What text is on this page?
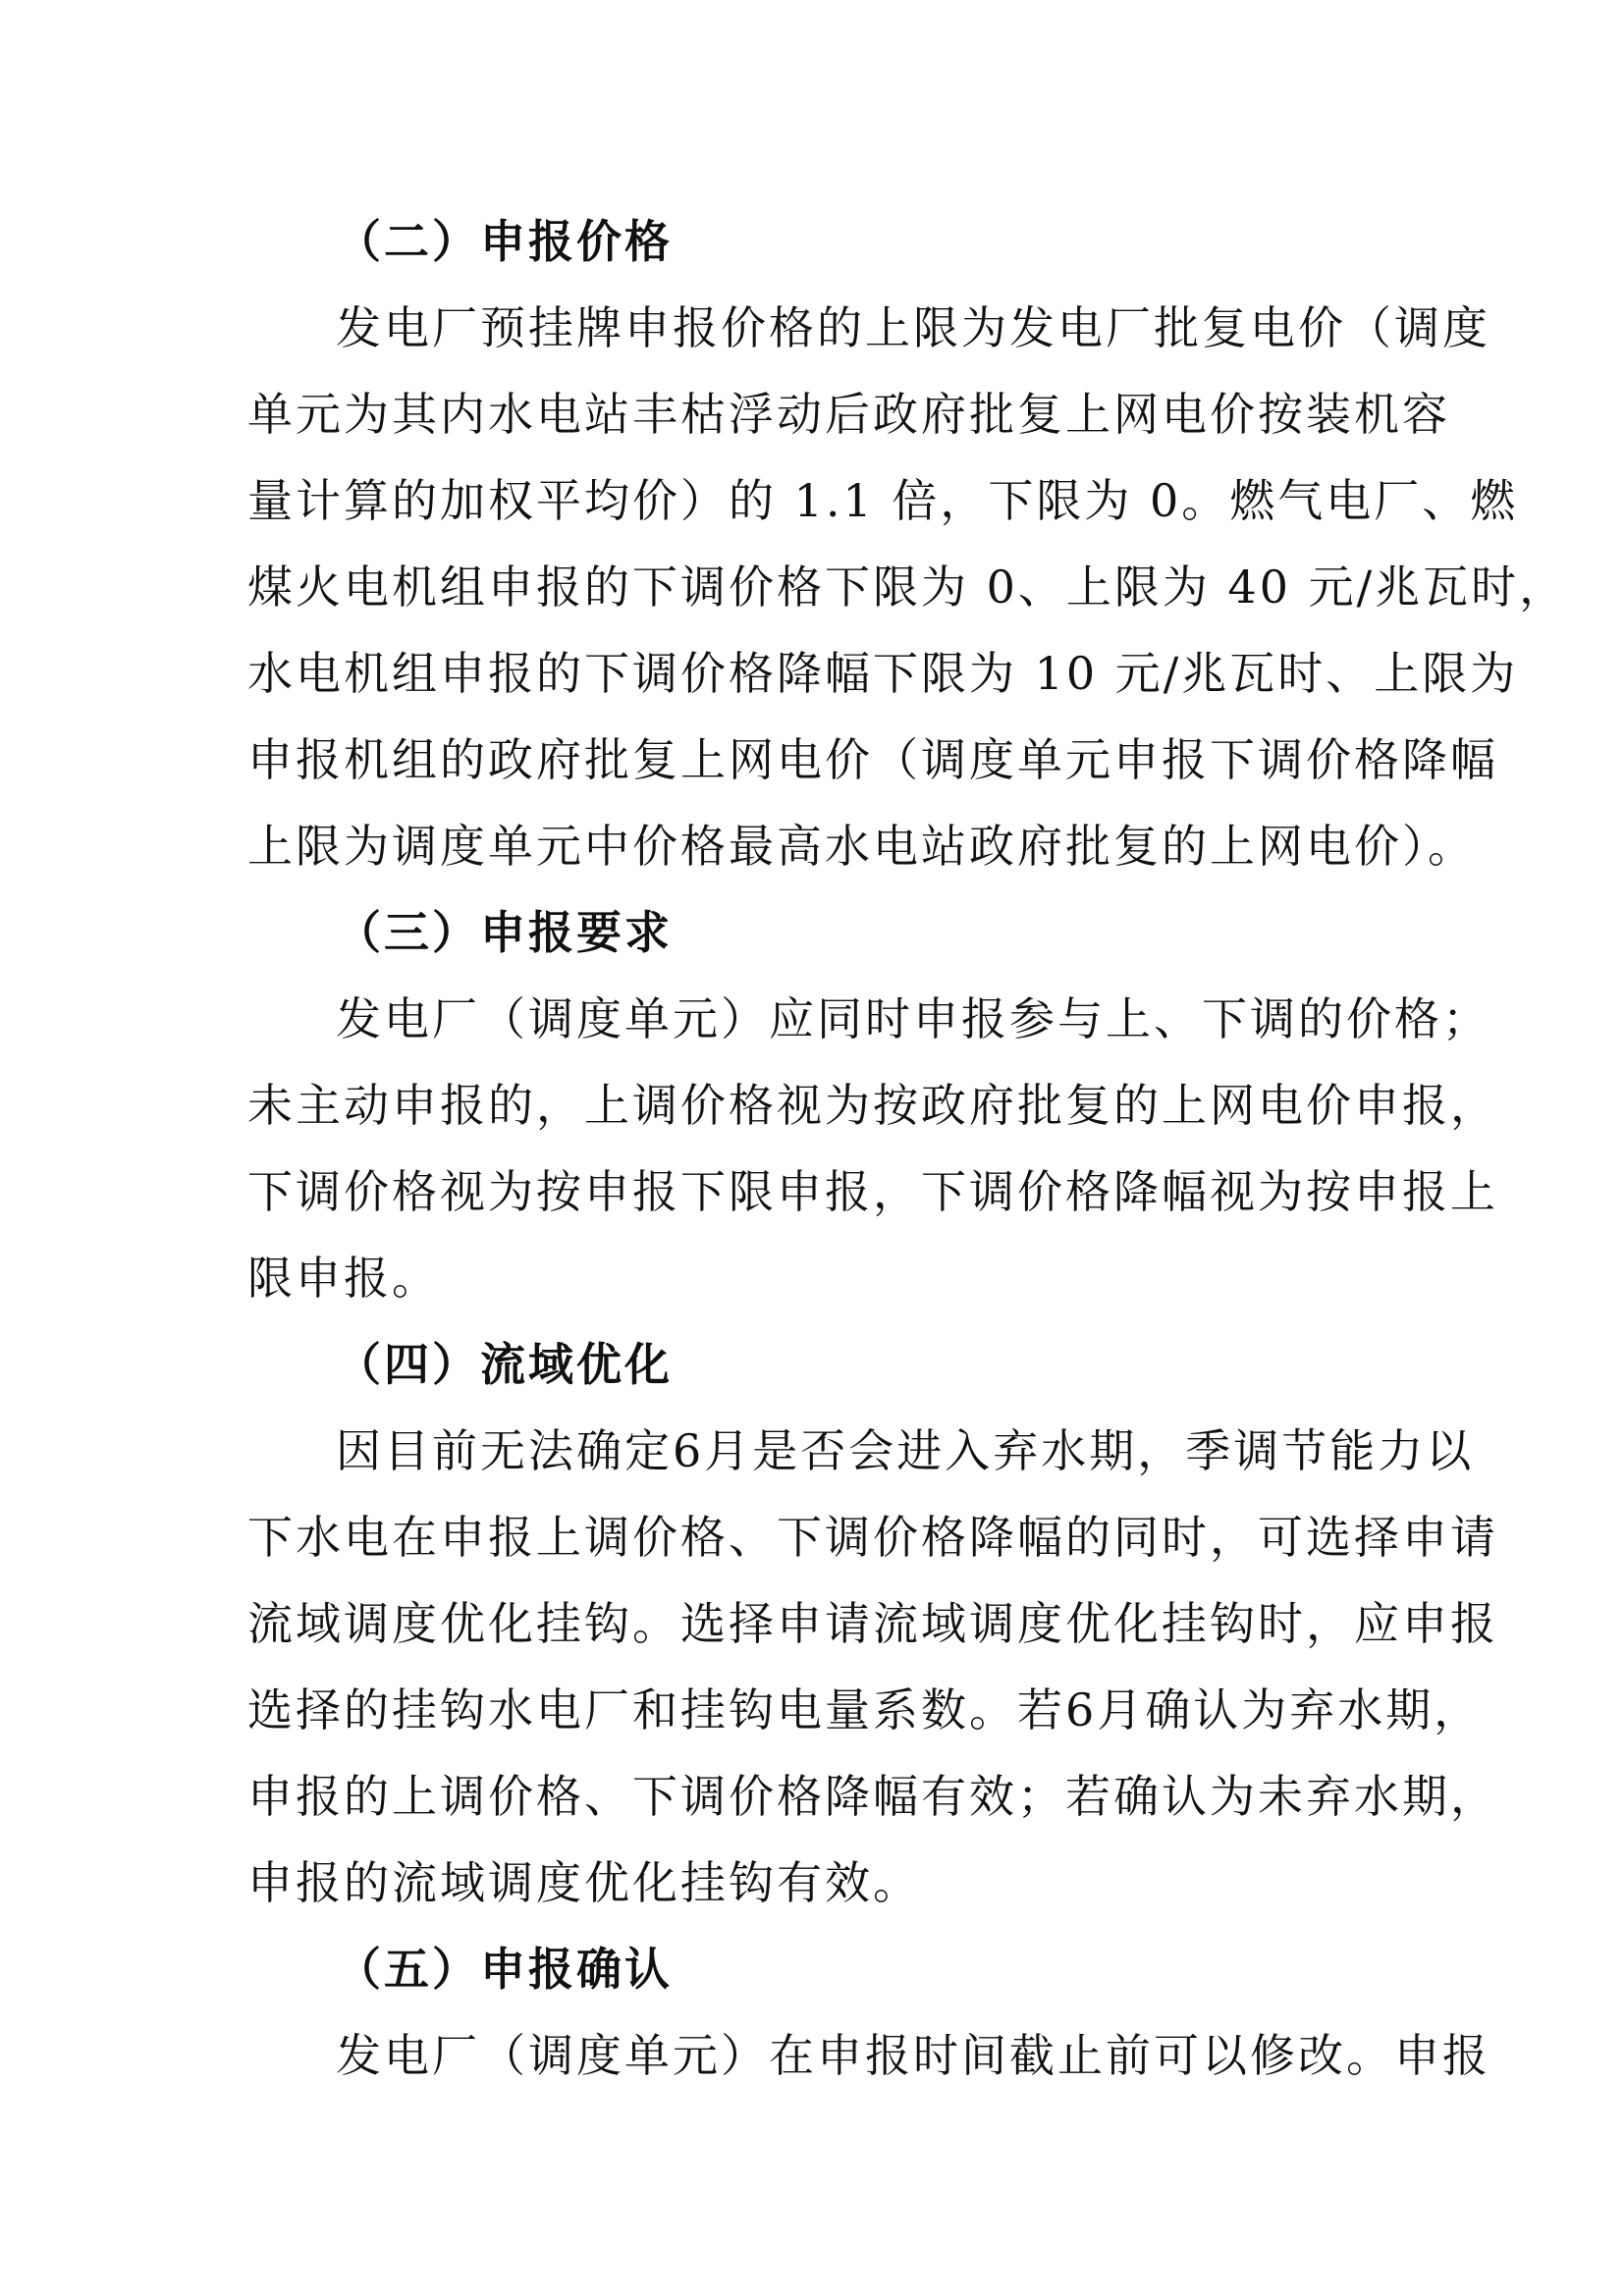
（二）申报价格
发电厂预挂牌申报价格的上限为发电厂批复电价（调度
单元为其内水电站丰枯浮动后政府批复上网电价按装机容
量计算的加权平均价）的 1.1 倍，下限为 0。燃气电厂、燃
煤火电机组申报的下调价格下限为 0、上限为 40 元/兆瓦时，
水电机组申报的下调价格降幅下限为 10 元/兆瓦时、上限为
申报机组的政府批复上网电价（调度单元申报下调价格降幅
上限为调度单元中价格最高水电站政府批复的上网电价）。
（三）申报要求
发电厂（调度单元）应同时申报参与上、下调的价格；
未主动申报的，上调价格视为按政府批复的上网电价申报，
下调价格视为按申报下限申报，下调价格降幅视为按申报上
限申报。
（四）流域优化
因目前无法确定6月是否会进入弃水期，季调节能力以
下水电在申报上调价格、下调价格降幅的同时，可选择申请
流域调度优化挂钩。选择申请流域调度优化挂钩时，应申报
选择的挂钩水电厂和挂钩电量系数。若6月确认为弃水期，
申报的上调价格、下调价格降幅有效；若确认为未弃水期，
申报的流域调度优化挂钩有效。
（五）申报确认
发电厂（调度单元）在申报时间截止前可以修改。申报
